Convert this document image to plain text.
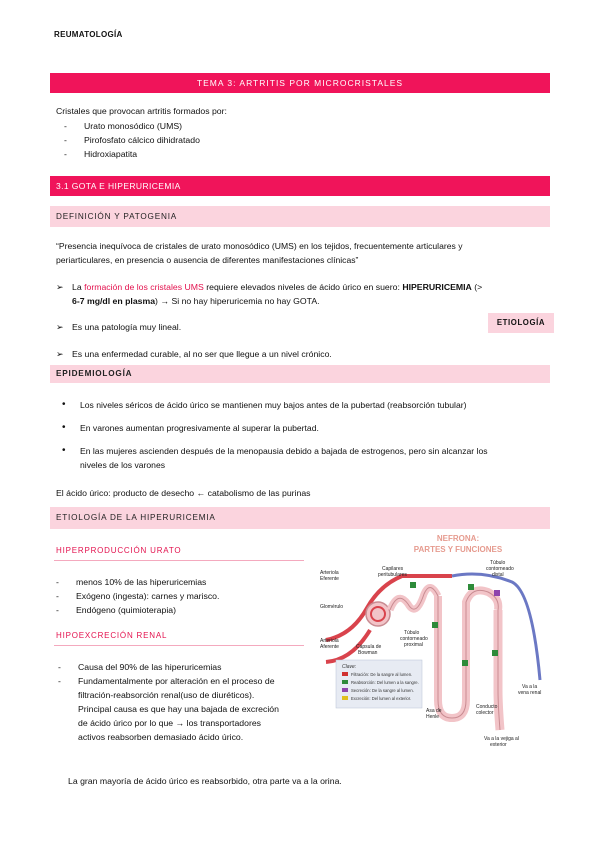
REUMATOLOGÍA
TEMA 3: ARTRITIS POR MICROCRISTALES
Cristales que provocan artritis formados por:
- Urato monosódico (UMS)
- Pirofosfato cálcico dihidratado
- Hidroxiapatita
3.1 GOTA E HIPERURICEMIA
DEFINICIÓN Y PATOGENIA
“Presencia inequívoca de cristales de urato monosódico (UMS) en los tejidos, frecuentemente articulares y
periarticulares, en presencia o ausencia de diferentes manifestaciones clínicas”
➢ La formación de los cristales UMS requiere elevados niveles de ácido úrico en suero: HIPERURICEMIA (>
6-7 mg/dl en plasma) → Si no hay hiperuricemia no hay GOTA.
ETIOLOGÍA
➢ Es una patología muy lineal.
➢ Es una enfermedad curable, al no ser que llegue a un nivel crónico.
EPIDEMIOLOGÍA
• Los niveles séricos de ácido úrico se mantienen muy bajos antes de la pubertad (reabsorción tubular)
• En varones aumentan progresivamente al superar la pubertad.
• En las mujeres ascienden después de la menopausia debido a bajada de estrogenos, pero sin alcanzar los
niveles de los varones
El ácido úrico: producto de desecho ← catabolismo de las purinas
ETIOLOGÍA DE LA HIPERURICEMIA
HIPERPRODUCCIÓN URATO
- menos 10% de las hiperuricemias
- Exógeno (ingesta): carnes y marisco.
- Endógeno (quimioterapia)
HIPOEXCRECIÓN RENAL
- Causa del 90% de las hiperuricemias
- Fundamentalmente por alteración en el proceso de
filtración-reabsorción renal(uso de diuréticos).
Principal causa es que hay una bajada de excreción
de ácido úrico por lo que → los transportadores
activos reabsorben demasiado ácido úrico.
La gran mayoría de ácido úrico es reabsorbido, otra parte va a la orina.
NEFRONA:
PARTES Y FUNCIONES
Arteriola
Eferente
Capilares
peritubulares
Túbulo
contorneado
distal
Glomérulo
Túbulo
contorneado
proximal
Arteriola
Aferente	Cápsula de
Bowman
Asa de
Henle
Conducto
colector
Va a la
vena renal
Va a la vejiga al
exterior
Clave:
Filtración: De la sangre al lumen.
Reabsorción: Del lumen a la sangre.
Secreción: De la sangre al lumen.
Excreción: Del lumen al exterior.
